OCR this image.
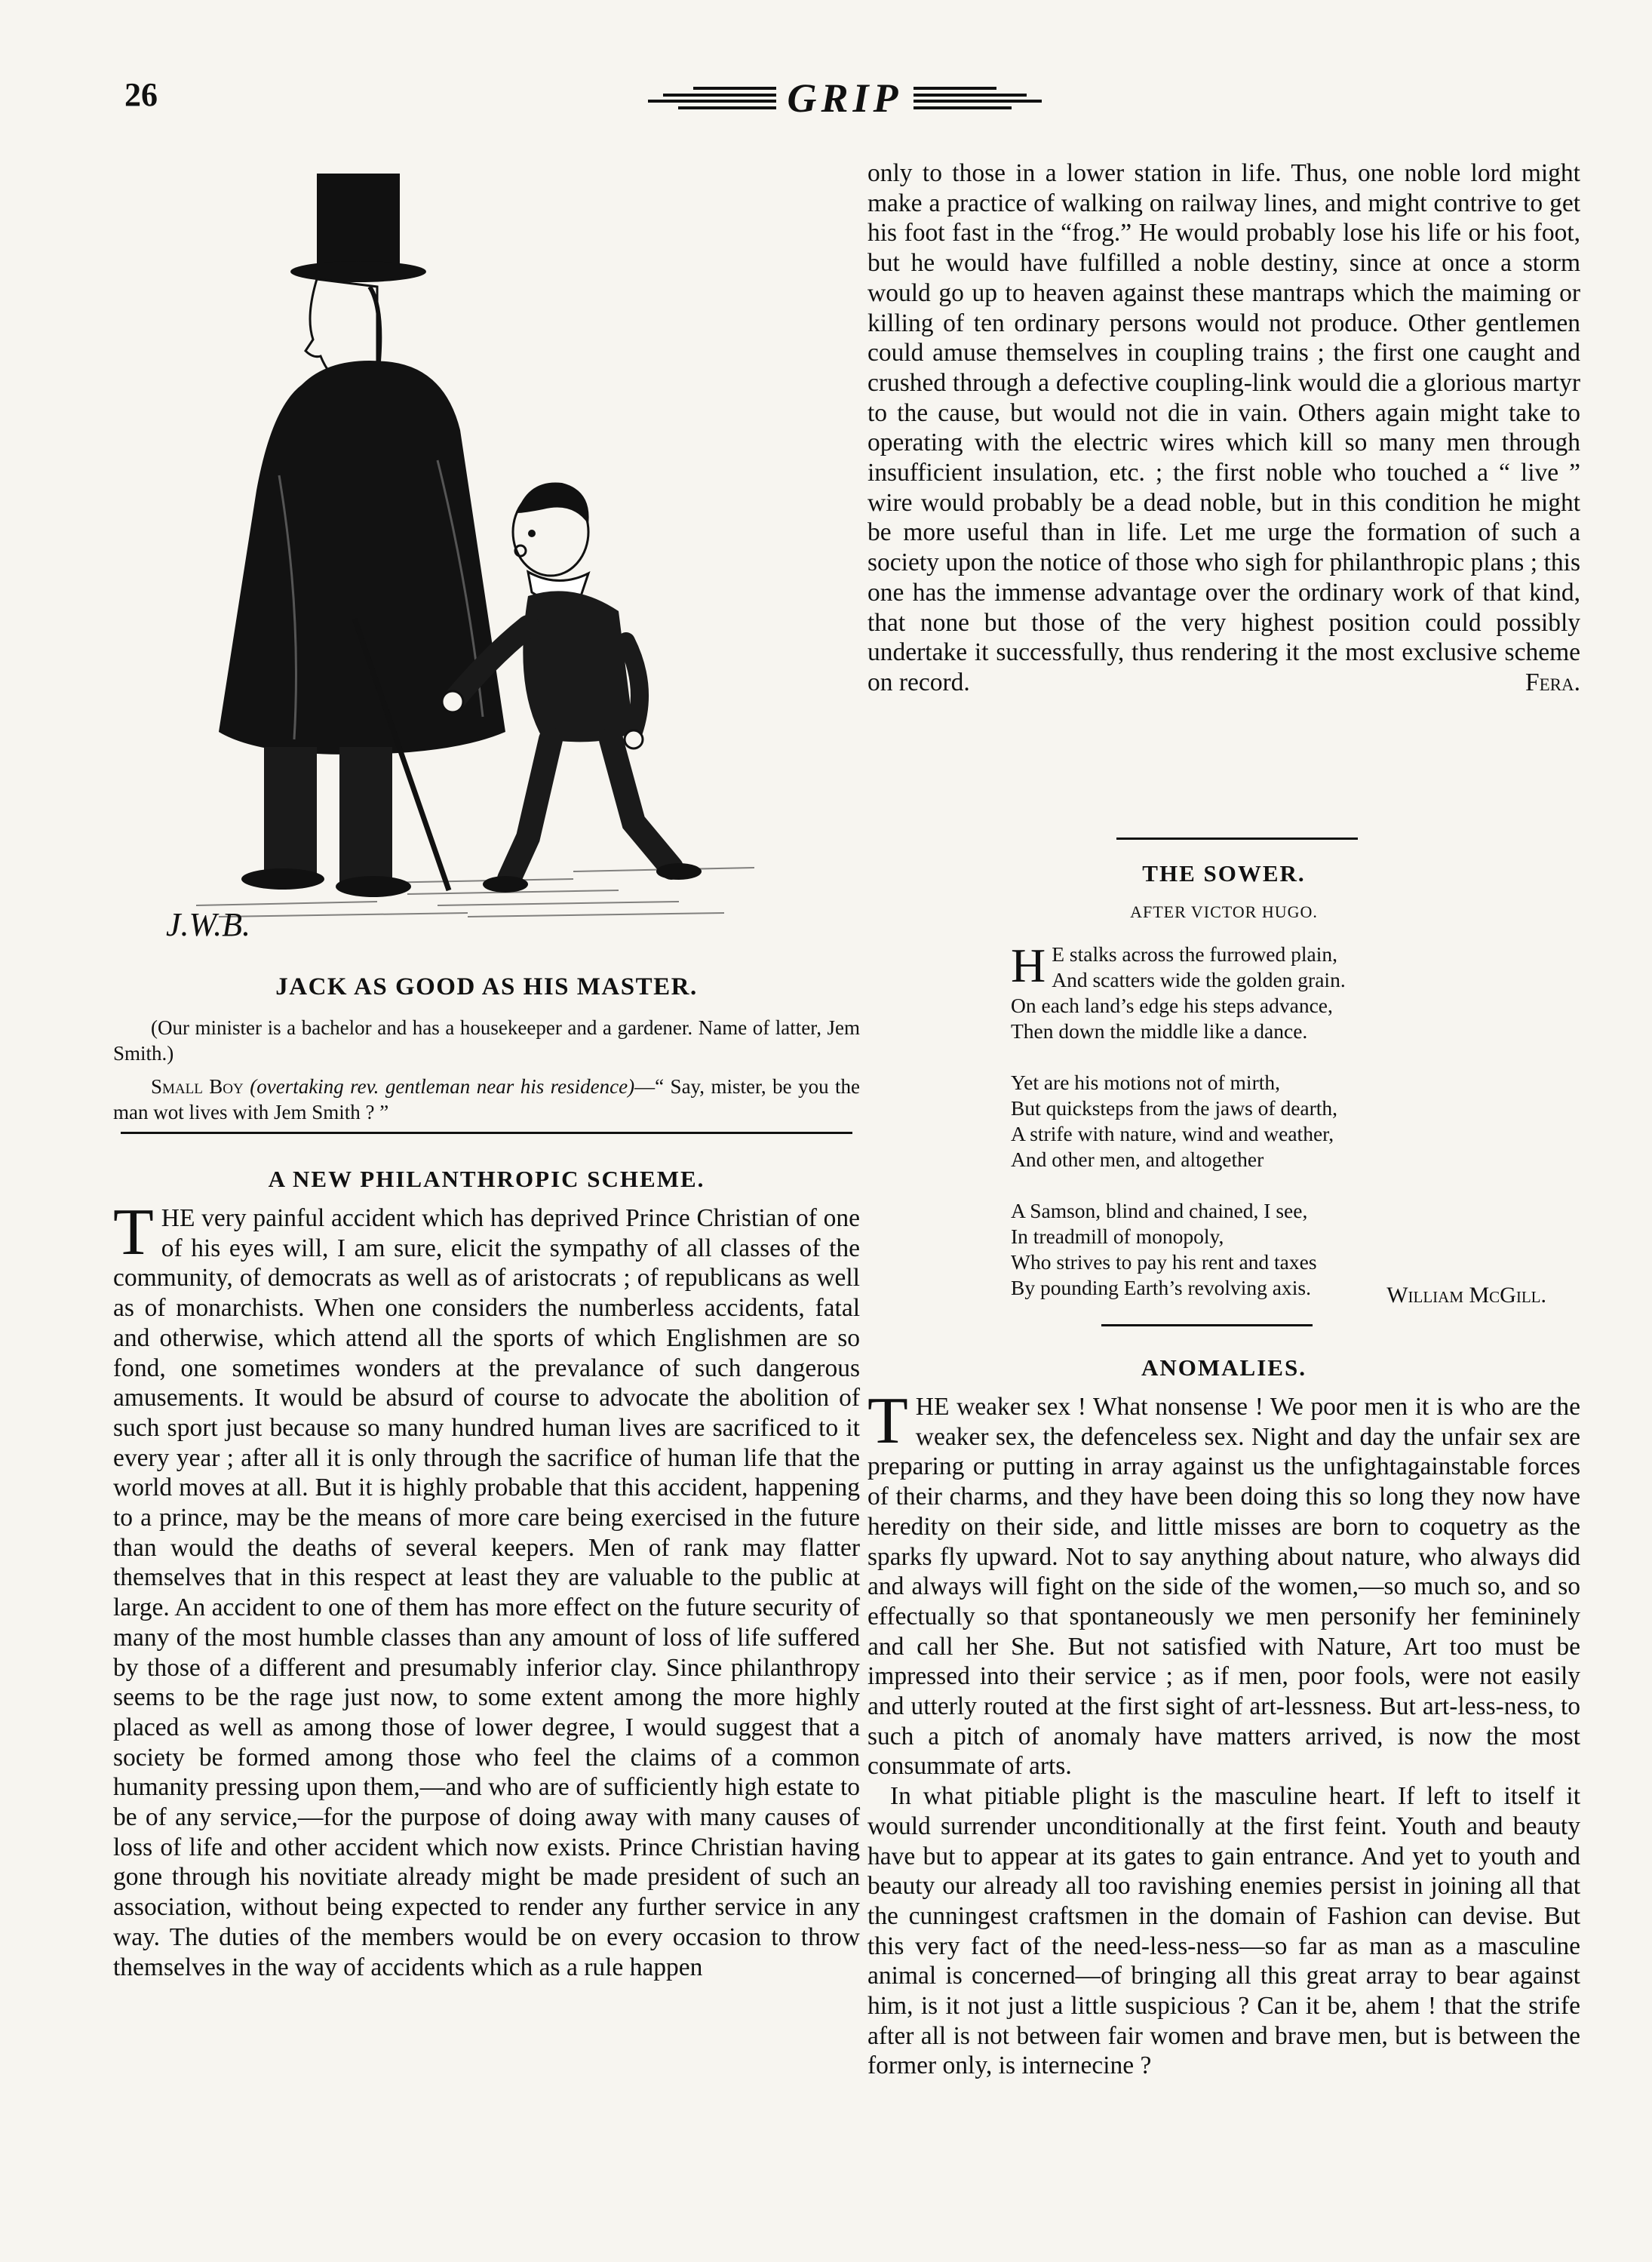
26	GRIP
J.W.B.
JACK AS GOOD AS HIS MASTER.

(Our minister is a bachelor and has a housekeeper and a gardener. Name of latter, Jem Smith.)

Small Boy (overtaking rev. gentleman near his residence)—“ Say, mister, be you the man wot lives with Jem Smith ? ”

A NEW PHILANTHROPIC SCHEME.

THE very painful accident which has deprived Prince Christian of one of his eyes will, I am sure, elicit the sympathy of all classes of the community, of democrats as well as of aristocrats ; of republicans as well as of monarchists. When one considers the numberless accidents, fatal and otherwise, which attend all the sports of which Englishmen are so fond, one sometimes wonders at the prevalance of such dangerous amusements. It would be absurd of course to advocate the abolition of such sport just because so many hundred human lives are sacrificed to it every year ; after all it is only through the sacrifice of human life that the world moves at all. But it is highly probable that this accident, happening to a prince, may be the means of more care being exercised in the future than would the deaths of several keepers. Men of rank may flatter themselves that in this respect at least they are valuable to the public at large. An accident to one of them has more effect on the future security of many of the most humble classes than any amount of loss of life suffered by those of a different and presumably inferior clay. Since philanthropy seems to be the rage just now, to some extent among the more highly placed as well as among those of lower degree, I would suggest that a society be formed among those who feel the claims of a common humanity pressing upon them,—and who are of sufficiently high estate to be of any service,—for the purpose of doing away with many causes of loss of life and other accident which now exists. Prince Christian having gone through his novitiate already might be made president of such an association, without being expected to render any further service in any way. The duties of the members would be on every occasion to throw themselves in the way of accidents which as a rule happen

only to those in a lower station in life. Thus, one noble lord might make a practice of walking on railway lines, and might contrive to get his foot fast in the “frog.” He would probably lose his life or his foot, but he would have fulfilled a noble destiny, since at once a storm would go up to heaven against these mantraps which the maiming or killing of ten ordinary persons would not produce. Other gentlemen could amuse themselves in coupling trains ; the first one caught and crushed through a defective coupling-link would die a glorious martyr to the cause, but would not die in vain. Others again might take to operating with the electric wires which kill so many men through insufficient insulation, etc. ; the first noble who touched a “ live ” wire would probably be a dead noble, but in this condition he might be more useful than in life. Let me urge the formation of such a society upon the notice of those who sigh for philanthropic plans ; this one has the immense advantage over the ordinary work of that kind, that none but those of the very highest position could possibly undertake it successfully, thus rendering it the most exclusive scheme on record.	Fera.
THE SOWER.
AFTER VICTOR HUGO.
H E stalks across the furrowed plain,
And scatters wide the golden grain.
On each land’s edge his steps advance,
Then down the middle like a dance.
Yet are his motions not of mirth,
But quicksteps from the jaws of dearth,
A strife with nature, wind and weather,
And other men, and altogether
A Samson, blind and chained, I see,
In treadmill of monopoly,
Who strives to pay his rent and taxes
By pounding Earth’s revolving axis.	William McGill.
ANOMALIES.

THE weaker sex ! What nonsense ! We poor men it is who are the weaker sex, the defenceless sex. Night and day the unfair sex are preparing or putting in array against us the unfightagainstable forces of their charms, and they have been doing this so long they now have heredity on their side, and little misses are born to coquetry as the sparks fly upward. Not to say anything about nature, who always did and always will fight on the side of the women,—so much so, and so effectually so that spontaneously we men personify her femininely and call her She. But not satisfied with Nature, Art too must be impressed into their service ; as if men, poor fools, were not easily and utterly routed at the first sight of art-lessness. But art-less-ness, to such a pitch of anomaly have matters arrived, is now the most consummate of arts.

In what pitiable plight is the masculine heart. If left to itself it would surrender unconditionally at the first feint. Youth and beauty have but to appear at its gates to gain entrance. And yet to youth and beauty our already all too ravishing enemies persist in joining all that the cunningest craftsmen in the domain of Fashion can devise. But this very fact of the need-less-ness—so far as man as a masculine animal is concerned—of bringing all this great array to bear against him, is it not just a little suspicious ? Can it be, ahem ! that the strife after all is not between fair women and brave men, but is between the former only, is internecine ?
